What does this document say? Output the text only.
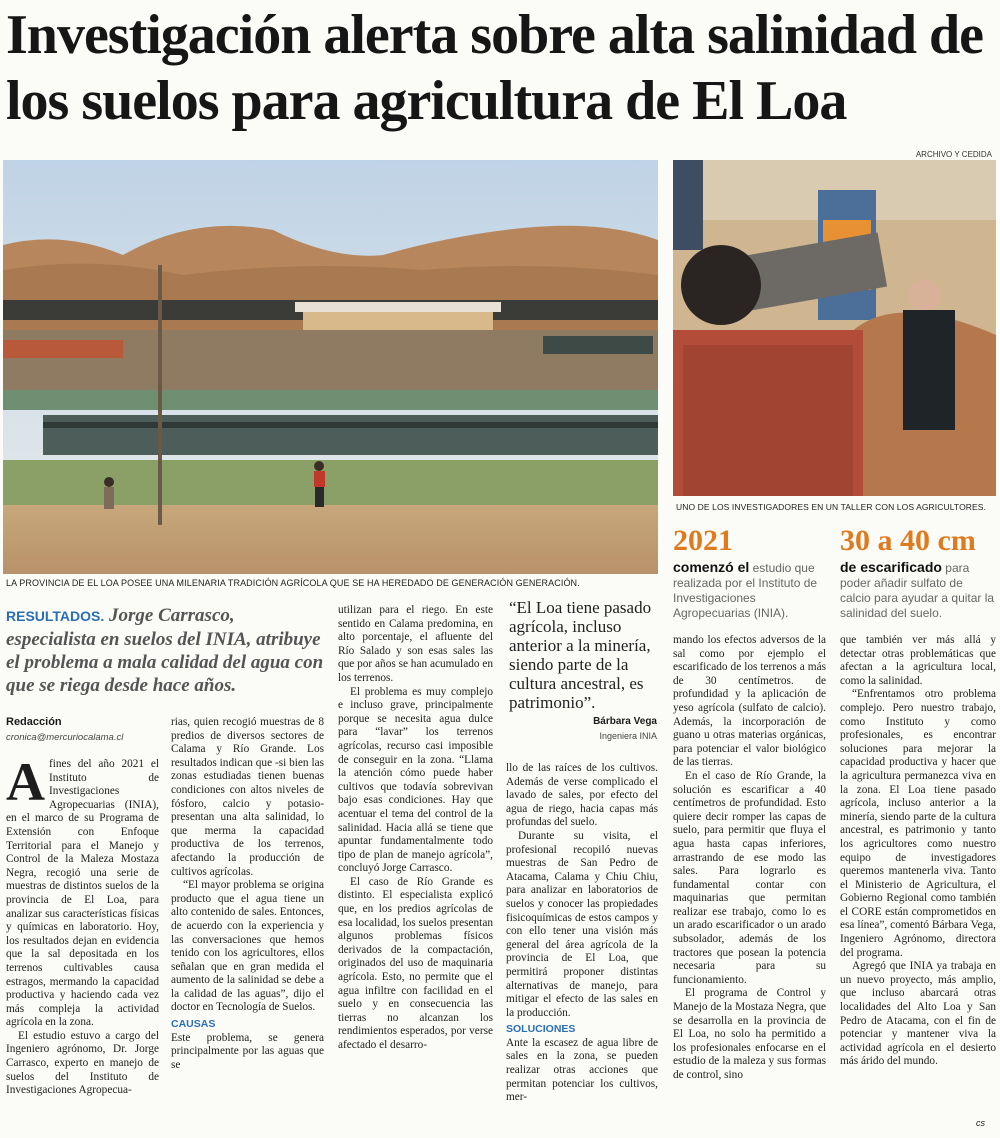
Investigación alerta sobre alta salinidad de los suelos para agricultura de El Loa
ARCHIVO Y CEDIDA
LA PROVINCIA DE EL LOA POSEE UNA MILENARIA TRADICIÓN AGRÍCOLA QUE SE HA HEREDADO DE GENERACIÓN GENERACIÓN.
UNO DE LOS INVESTIGADORES EN UN TALLER CON LOS AGRICULTORES.
2021
comenzó el estudio que realizada por el Instituto de Investigaciones Agropecuarias (INIA).
30 a 40 cm
de escarificado para poder añadir sulfato de calcio para ayudar a quitar la salinidad del suelo.
RESULTADOS. Jorge Carrasco, especialista en suelos del INIA, atribuye el problema a mala calidad del agua con que se riega desde hace años.
Redacción
cronica@mercuriocalama.cl
A fines del año 2021 el Instituto de Investigaciones Agropecuarias (INIA), en el marco de su Programa de Extensión con Enfoque Territorial para el Manejo y Control de la Maleza Mostaza Negra, recogió una serie de muestras de distintos suelos de la provincia de El Loa, para analizar sus características físicas y químicas en laboratorio. Hoy, los resultados dejan en evidencia que la sal depositada en los terrenos cultivables causa estragos, mermando la capacidad productiva y haciendo cada vez más compleja la actividad agrícola en la zona.

El estudio estuvo a cargo del Ingeniero agrónomo, Dr. Jorge Carrasco, experto en manejo de suelos del Instituto de Investigaciones Agropecua-

rias, quien recogió muestras de 8 predios de diversos sectores de Calama y Río Grande. Los resultados indican que -si bien las zonas estudiadas tienen buenas condiciones con altos niveles de fósforo, calcio y potasio- presentan una alta salinidad, lo que merma la capacidad productiva de los terrenos, afectando la producción de cultivos agrícolas.

“El mayor problema se origina producto que el agua tiene un alto contenido de sales. Entonces, de acuerdo con la experiencia y las conversaciones que hemos tenido con los agricultores, ellos señalan que en gran medida el aumento de la salinidad se debe a la calidad de las aguas”, dijo el doctor en Tecnología de Suelos.

CAUSAS

Este problema, se genera principalmente por las aguas que se

utilizan para el riego. En este sentido en Calama predomina, en alto porcentaje, el afluente del Río Salado y son esas sales las que por años se han acumulado en los terrenos.

El problema es muy complejo e incluso grave, principalmente porque se necesita agua dulce para “lavar” los terrenos agrícolas, recurso casi imposible de conseguir en la zona. “Llama la atención cómo puede haber cultivos que todavía sobrevivan bajo esas condiciones. Hay que acentuar el tema del control de la salinidad. Hacia allá se tiene que apuntar fundamentalmente todo tipo de plan de manejo agrícola”, concluyó Jorge Carrasco.

El caso de Río Grande es distinto. El especialista explicó que, en los predios agrícolas de esa localidad, los suelos presentan algunos problemas físicos derivados de la compactación, originados del uso de maquinaria agrícola. Esto, no permite que el agua infiltre con facilidad en el suelo y en consecuencia las tierras no alcanzan los rendimientos esperados, por verse afectado el desarro-

“El Loa tiene pasado agrícola, incluso anterior a la minería, siendo parte de la cultura ancestral, es patrimonio”.
Bárbara Vega
Ingeniera INIA

llo de las raíces de los cultivos. Además de verse complicado el lavado de sales, por efecto del agua de riego, hacia capas más profundas del suelo.

Durante su visita, el profesional recopiló nuevas muestras de San Pedro de Atacama, Calama y Chiu Chiu, para analizar en laboratorios de suelos y conocer las propiedades fisicoquímicas de estos campos y con ello tener una visión más general del área agrícola de la provincia de El Loa, que permitirá proponer distintas alternativas de manejo, para mitigar el efecto de las sales en la producción.

SOLUCIONES

Ante la escasez de agua libre de sales en la zona, se pueden realizar otras acciones que permitan potenciar los cultivos, mer-

mando los efectos adversos de la sal como por ejemplo el escarificado de los terrenos a más de 30 centímetros. de profundidad y la aplicación de yeso agrícola (sulfato de calcio). Además, la incorporación de guano u otras materias orgánicas, para potenciar el valor biológico de las tierras.

En el caso de Río Grande, la solución es escarificar a 40 centímetros de profundidad. Esto quiere decir romper las capas de suelo, para permitir que fluya el agua hasta capas inferiores, arrastrando de ese modo las sales. Para lograrlo es fundamental contar con maquinarias que permitan realizar ese trabajo, como lo es un arado escarificador o un arado subsolador, además de los tractores que posean la potencia necesaria para su funcionamiento.

El programa de Control y Manejo de la Mostaza Negra, que se desarrolla en la provincia de El Loa, no solo ha permitido a los profesionales enfocarse en el estudio de la maleza y sus formas de control, sino

que también ver más allá y detectar otras problemáticas que afectan a la agricultura local, como la salinidad.

“Enfrentamos otro problema complejo. Pero nuestro trabajo, como Instituto y como profesionales, es encontrar soluciones para mejorar la capacidad productiva y hacer que la agricultura permanezca viva en la zona. El Loa tiene pasado agrícola, incluso anterior a la minería, siendo parte de la cultura ancestral, es patrimonio y tanto los agricultores como nuestro equipo de investigadores queremos mantenerla viva. Tanto el Ministerio de Agricultura, el Gobierno Regional como también el CORE están comprometidos en esa línea”, comentó Bárbara Vega, Ingeniero Agrónomo, directora del programa.

Agregó que INIA ya trabaja en un nuevo proyecto, más amplio, que incluso abarcará otras localidades del Alto Loa y San Pedro de Atacama, con el fin de potenciar y mantener viva la actividad agrícola en el desierto más árido del mundo.

cs
